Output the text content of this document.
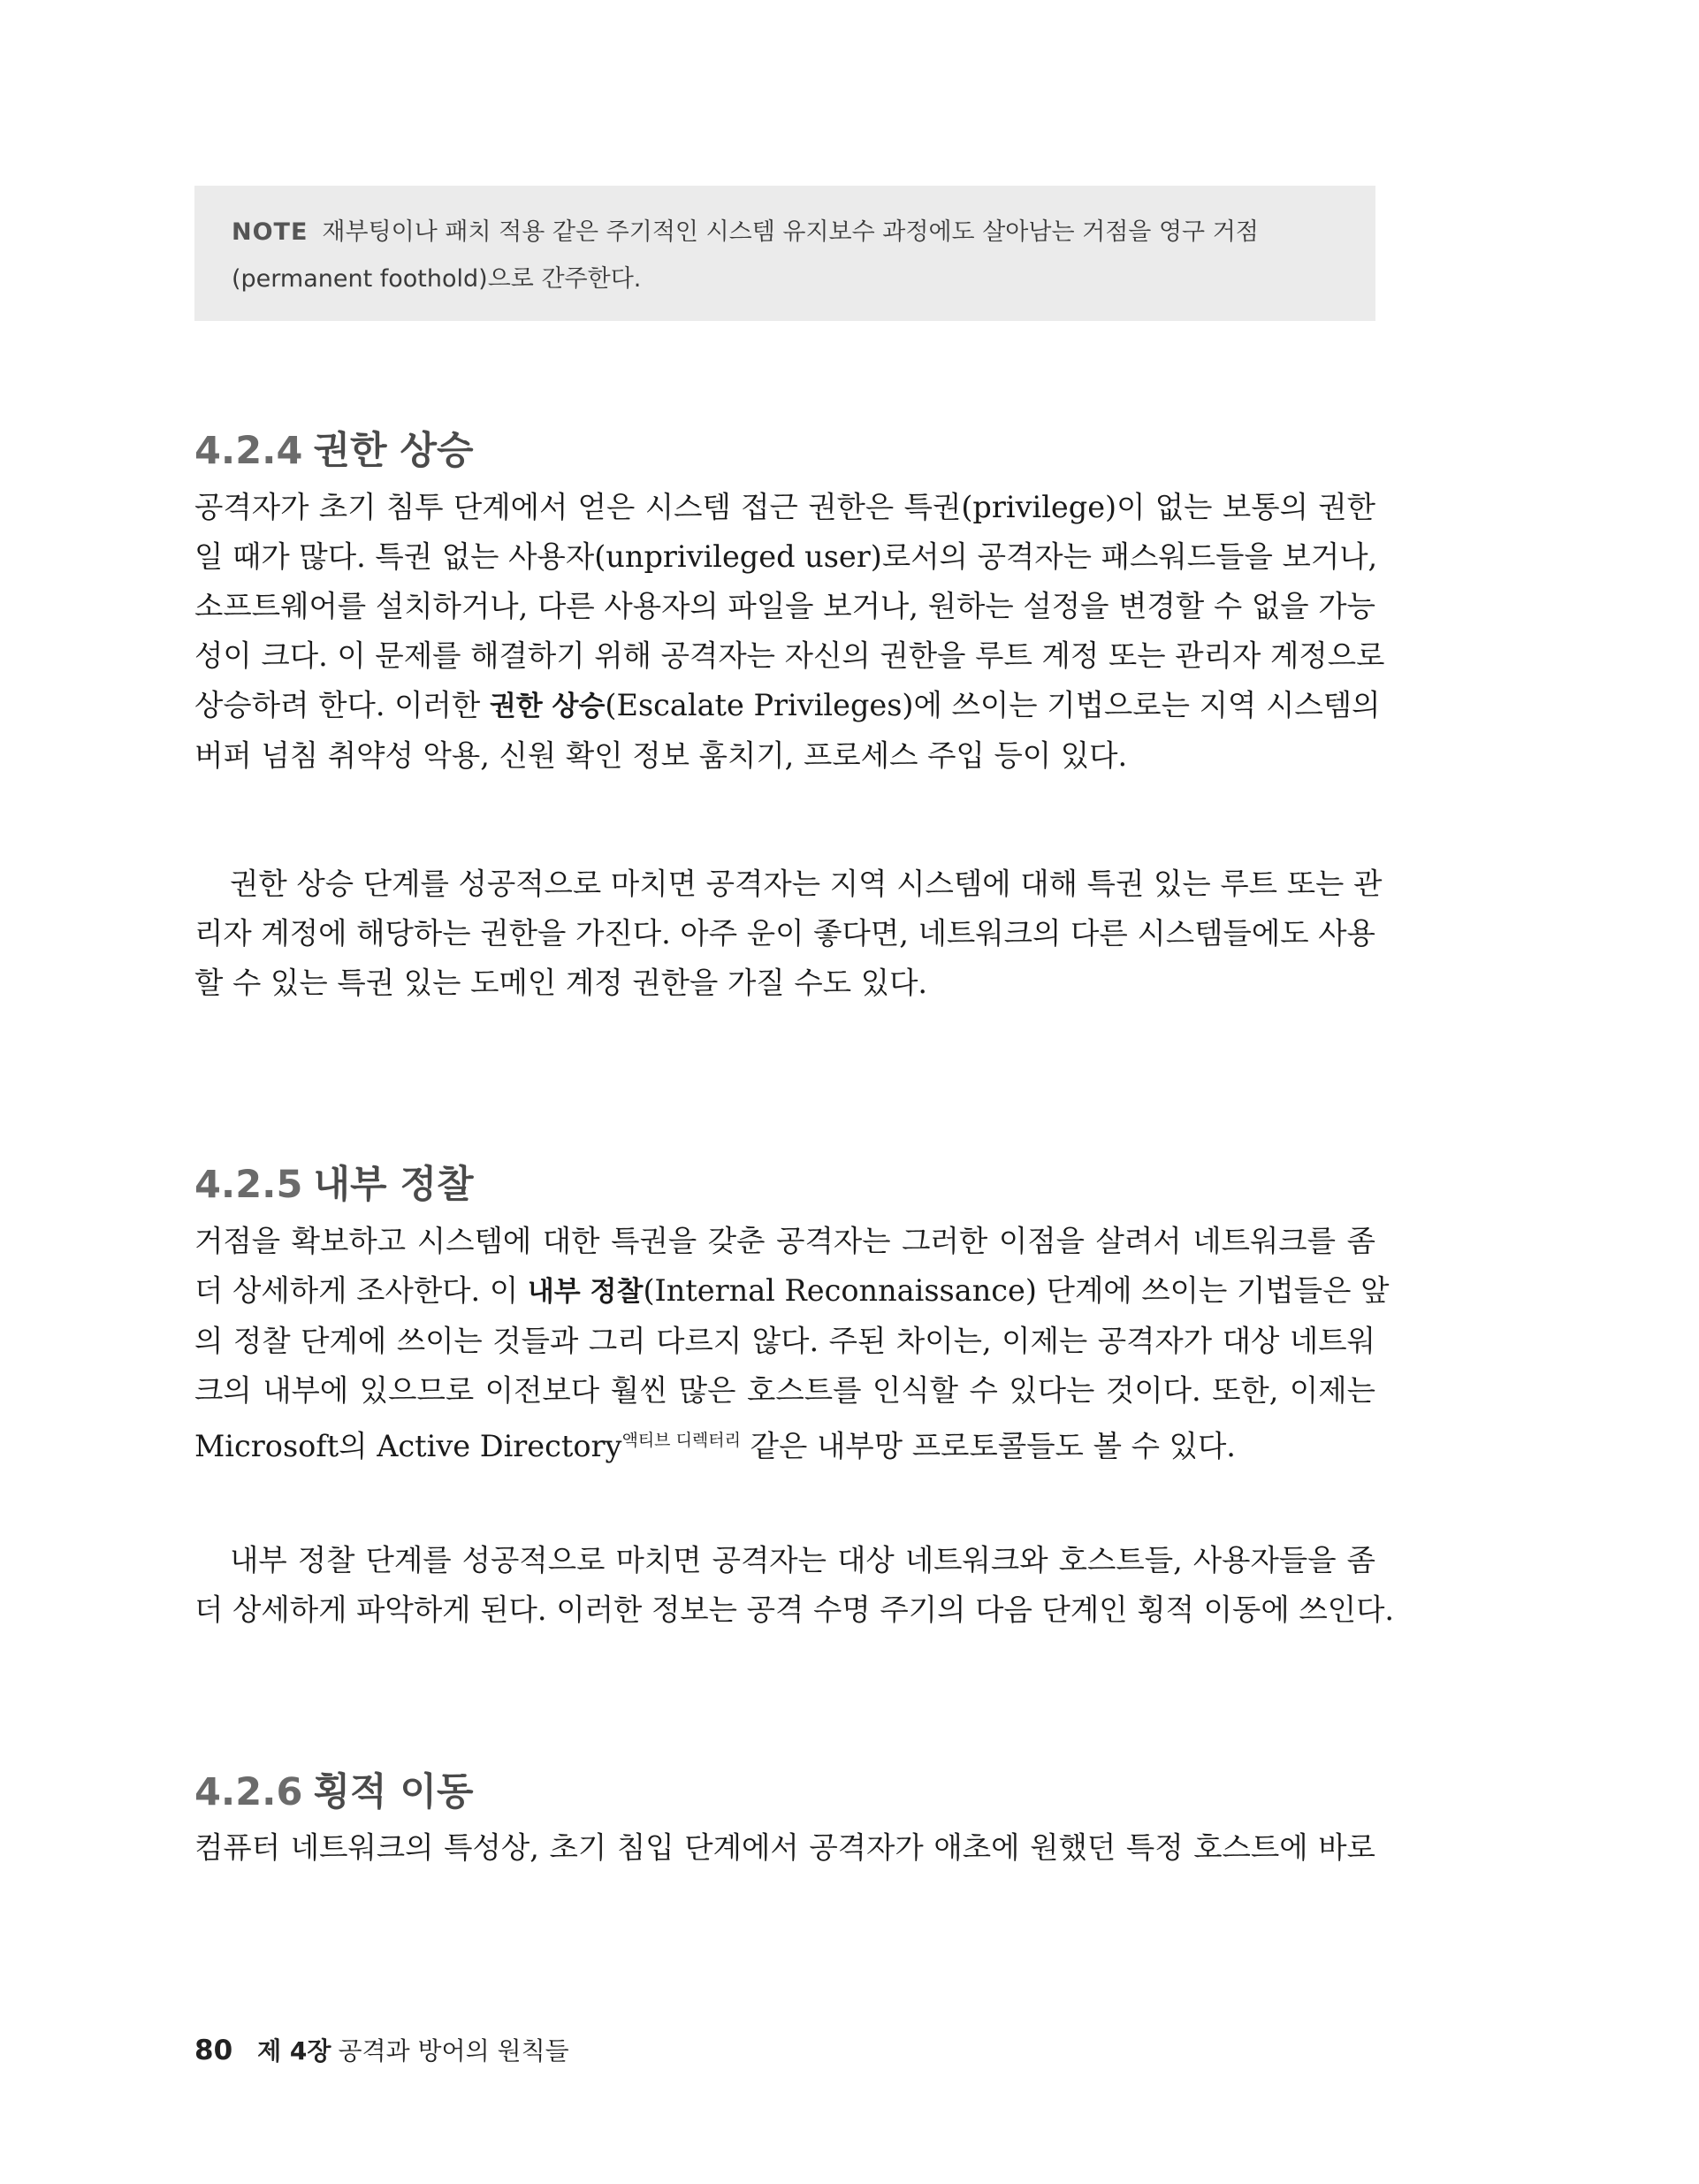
NOTE 재부팅이나 패치 적용 같은 주기적인 시스템 유지보수 과정에도 살아남는 거점을 영구 거점
(permanent foothold)으로 간주한다.
4.2.4 권한 상승
공격자가 초기 침투 단계에서 얻은 시스템 접근 권한은 특권(privilege)이 없는 보통의 권한
일 때가 많다. 특권 없는 사용자(unprivileged user)로서의 공격자는 패스워드들을 보거나,
소프트웨어를 설치하거나, 다른 사용자의 파일을 보거나, 원하는 설정을 변경할 수 없을 가능
성이 크다. 이 문제를 해결하기 위해 공격자는 자신의 권한을 루트 계정 또는 관리자 계정으로
상승하려 한다. 이러한 권한 상승(Escalate Privileges)에 쓰이는 기법으로는 지역 시스템의
버퍼 넘침 취약성 악용, 신원 확인 정보 훔치기, 프로세스 주입 등이 있다.
권한 상승 단계를 성공적으로 마치면 공격자는 지역 시스템에 대해 특권 있는 루트 또는 관
리자 계정에 해당하는 권한을 가진다. 아주 운이 좋다면, 네트워크의 다른 시스템들에도 사용
할 수 있는 특권 있는 도메인 계정 권한을 가질 수도 있다.
4.2.5 내부 정찰
거점을 확보하고 시스템에 대한 특권을 갖춘 공격자는 그러한 이점을 살려서 네트워크를 좀
더 상세하게 조사한다. 이 내부 정찰(Internal Reconnaissance) 단계에 쓰이는 기법들은 앞
의 정찰 단계에 쓰이는 것들과 그리 다르지 않다. 주된 차이는, 이제는 공격자가 대상 네트워
크의 내부에 있으므로 이전보다 훨씬 많은 호스트를 인식할 수 있다는 것이다. 또한, 이제는
Microsoft의 Active Directory$^{액티브 디렉터리}$ 같은 내부망 프로토콜들도 볼 수 있다.
내부 정찰 단계를 성공적으로 마치면 공격자는 대상 네트워크와 호스트들, 사용자들을 좀
더 상세하게 파악하게 된다. 이러한 정보는 공격 수명 주기의 다음 단계인 횡적 이동에 쓰인다.
4.2.6 횡적 이동
컴퓨터 네트워크의 특성상, 초기 침입 단계에서 공격자가 애초에 원했던 특정 호스트에 바로
80 제 4장 공격과 방어의 원칙들
